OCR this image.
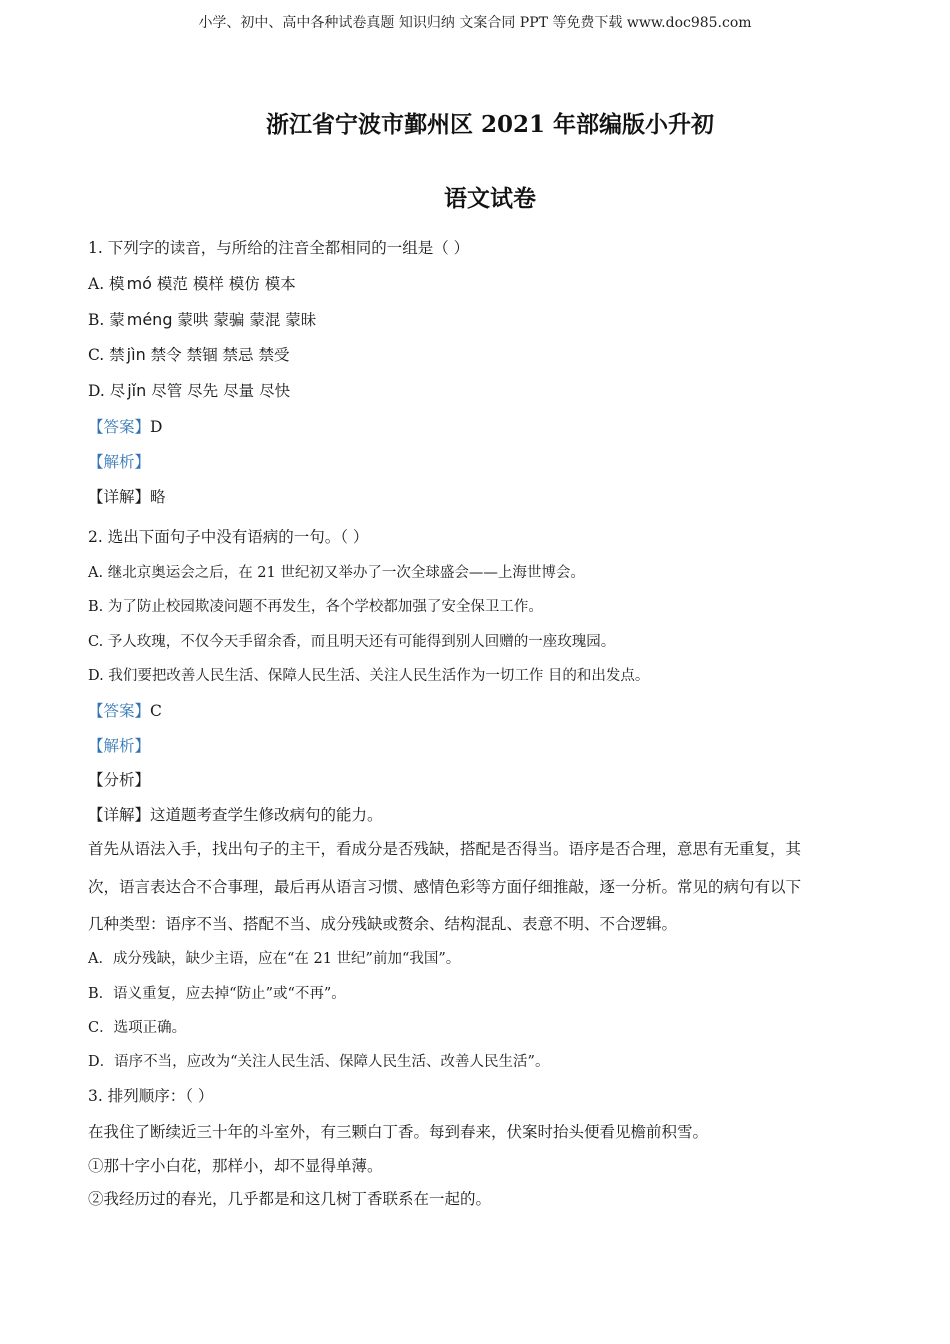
小学、初中、高中各种试卷真题 知识归纳 文案合同 PPT 等免费下载 www.doc985.com
浙江省宁波市鄞州区 2021 年部编版小升初
语文试卷
1. 下列字的读音，与所给的注音全都相同的一组是（ ）
A. 模 mó 模范 模样 模仿 模本
B. 蒙 méng 蒙哄 蒙骗 蒙混 蒙昧
C. 禁 jìn 禁令 禁锢 禁忌 禁受
D. 尽 jǐn 尽管 尽先 尽量 尽快
【答案】D
【解析】
【详解】略
2. 选出下面句子中没有语病的一句。（ ）
A. 继北京奥运会之后，在 21 世纪初又举办了一次全球盛会——上海世博会。
B. 为了防止校园欺凌问题不再发生，各个学校都加强了安全保卫工作。
C. 予人玫瑰，不仅今天手留余香，而且明天还有可能得到别人回赠的一座玫瑰园。
D. 我们要把改善人民生活、保障人民生活、关注人民生活作为一切工作 目的和出发点。
【答案】C
【解析】
【分析】
【详解】这道题考查学生修改病句的能力。
首先从语法入手，找出句子的主干，看成分是否残缺，搭配是否得当。语序是否合理，意思有无重复，其
次，语言表达合不合事理，最后再从语言习惯、感情色彩等方面仔细推敲，逐一分析。常见的病句有以下
几种类型：语序不当、搭配不当、成分残缺或赘余、结构混乱、表意不明、不合逻辑。
A．成分残缺，缺少主语，应在“在 21 世纪”前加“我国”。
B．语义重复，应去掉“防止”或“不再”。
C．选项正确。
D．语序不当，应改为“关注人民生活、保障人民生活、改善人民生活”。
3. 排列顺序：（ ）
在我住了断续近三十年的斗室外，有三颗白丁香。每到春来，伏案时抬头便看见檐前积雪。
①那十字小白花，那样小，却不显得单薄。
②我经历过的春光，几乎都是和这几树丁香联系在一起的。
